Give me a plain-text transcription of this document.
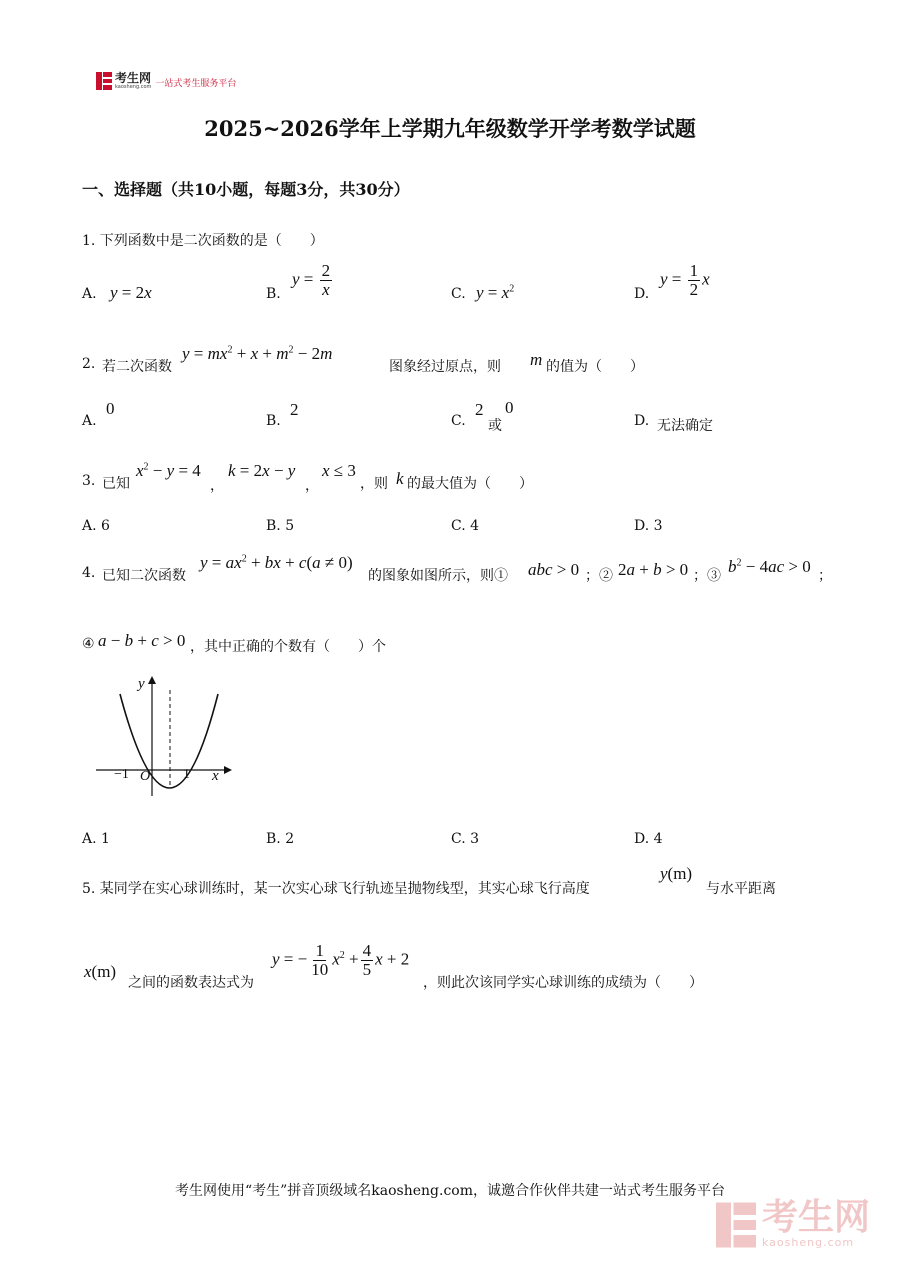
考生网
kaosheng.com 一站式考生服务平台
2025~2026学年上学期九年级数学开学考数学试题
一、选择题（共10小题，每题3分，共30分）
1. 下列函数中是二次函数的是（　　）
A. y = 2x	B.
$y = \frac{2}{x}$	C. $y = x^2$	D.
$y = \frac{1}{2}$ x
2. 若二次函数
$y = mx^2 + x + m^2 - 2m$
图象经过原点，则 m 的值为（　　）
A.
0
B.
2
C.
2
或
0
D. 无法确定
3. 已知
$x^2 - y = 4$
，
k = 2x − y
，
x ≤ 3
，则 k 的最大值为（　　）
A. 6	B. 5	C. 4	D. 3
4. 已知二次函数
$y = ax^2$ + bx + c(a ≠ 0)
的图象如图所示，则① abc > 0 ；② 2a + b > 0 ；③ $b^2 - 4ac > 0$ ；
④ a − b + c > 0 ，其中正确的个数有（　　）个
−1 O 1 x
y
A. 1	B. 2	C. 3	D. 4
5. 某同学在实心球训练时，某一次实心球飞行轨迹呈抛物线型，其实心球飞行高度
y(m)
与水平距离
x(m)
之间的函数表达式为
y = − $\frac{1}{10} x^2 + \frac{4}{5}$ x + 2
，则此次该同学实心球训练的成绩为（　　）
考生网使用“考生”拼音顶级域名kaosheng.com，诚邀合作伙伴共建一站式考生服务平台
考生网
kaosheng.com
